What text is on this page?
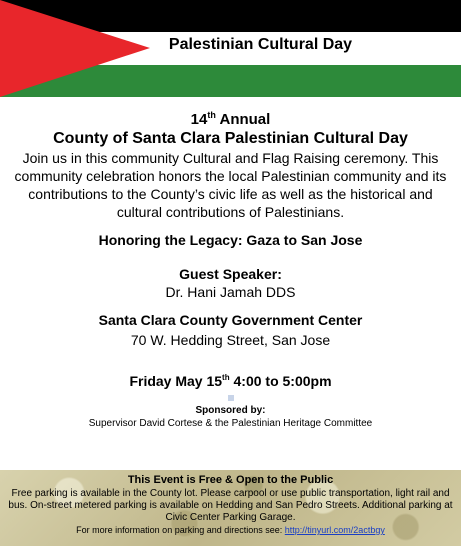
Palestinian Cultural Day
14th Annual
County of Santa Clara Palestinian Cultural Day
Join us in this community Cultural and Flag Raising ceremony. This community celebration honors the local Palestinian community and its contributions to the County’s civic life as well as the historical and cultural contributions of Palestinians.
Honoring the Legacy: Gaza to San Jose
Guest Speaker:
Dr. Hani Jamah DDS
Santa Clara County Government Center
70 W. Hedding Street, San Jose
Friday May 15th 4:00 to 5:00pm
Sponsored by:
Supervisor David Cortese & the Palestinian Heritage Committee
This Event is Free & Open to the Public
Free parking is available in the County lot. Please carpool or use public transportation, light rail and bus. On-street metered parking is available on Hedding and San Pedro Streets. Additional parking at Civic Center Parking Garage.
For more information on parking and directions see: http://tinyurl.com/2actbgy
